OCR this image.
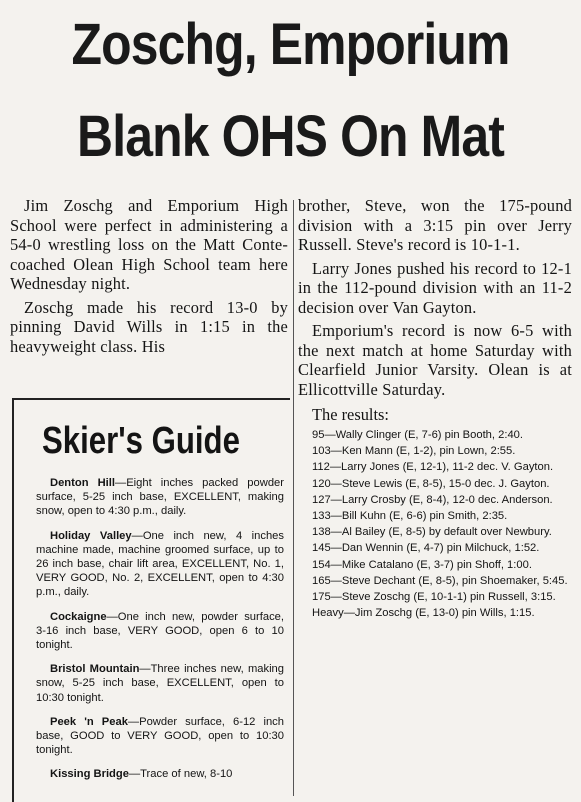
Zoschg, Emporium
Blank OHS On Mat

Jim Zoschg and Emporium High School were perfect in administering a 54-0 wrestling loss on the Matt Conte-coached Olean High School team here Wednesday night.

Zoschg made his record 13-0 by pinning David Wills in 1:15 in the heavyweight class. His

Skier's Guide
Denton Hill—Eight inches packed powder surface, 5-25 inch base, EXCELLENT, making snow, open to 4:30 p.m., daily.
Holiday Valley—One inch new, 4 inches machine made, machine groomed surface, up to 26 inch base, chair lift area, EXCELLENT, No. 1, VERY GOOD, No. 2, EXCELLENT, open to 4:30 p.m., daily.
Cockaigne—One inch new, powder surface, 3-16 inch base, VERY GOOD, open 6 to 10 tonight.
Bristol Mountain—Three inches new, making snow, 5-25 inch base, EXCELLENT, open to 10:30 tonight.
Peek 'n Peak—Powder surface, 6-12 inch base, GOOD to VERY GOOD, open to 10:30 tonight.
Kissing Bridge—Trace of new, 8-10

brother, Steve, won the 175-pound division with a 3:15 pin over Jerry Russell. Steve's record is 10-1-1.

Larry Jones pushed his record to 12-1 in the 112-pound division with an 11-2 decision over Van Gayton.

Emporium's record is now 6-5 with the next match at home Saturday with Clearfield Junior Varsity. Olean is at Ellicottville Saturday.

The results:
95—Wally Clinger (E, 7-6) pin Booth, 2:40.
103—Ken Mann (E, 1-2), pin Lown, 2:55.
112—Larry Jones (E, 12-1), 11-2 dec. V. Gayton.
120—Steve Lewis (E, 8-5), 15-0 dec. J. Gayton.
127—Larry Crosby (E, 8-4), 12-0 dec. Anderson.
133—Bill Kuhn (E, 6-6) pin Smith, 2:35.
138—Al Bailey (E, 8-5) by default over Newbury.
145—Dan Wennin (E, 4-7) pin Milchuck, 1:52.
154—Mike Catalano (E, 3-7) pin Shoff, 1:00.
165—Steve Dechant (E, 8-5), pin Shoemaker, 5:45.
175—Steve Zoschg (E, 10-1-1) pin Russell, 3:15.
Heavy—Jim Zoschg (E, 13-0) pin Wills, 1:15.
